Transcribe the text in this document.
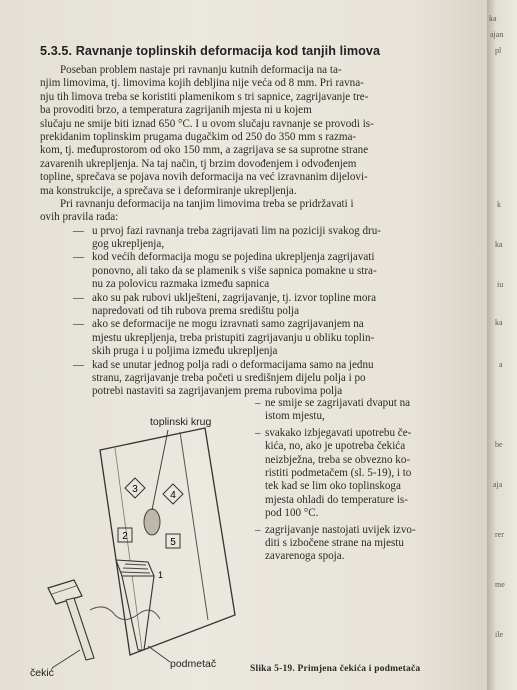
5.3.5. Ravnanje toplinskih deformacija kod tanjih limova
Poseban problem nastaje pri ravnanju kutnih deformacija na ta-
njim limovima, tj. limovima kojih debljina nije veća od 8 mm. Pri ravna-
nju tih limova treba se koristiti plamenikom s tri sapnice, zagrijavanje tre-
ba provoditi brzo, a temperatura zagrijanih mjesta ni u kojem
slučaju ne smije biti iznad 650 °C. I u ovom slučaju ravnanje se provodi is-
prekidanim toplinskim prugama dugačkim od 250 do 350 mm s razma-
kom, tj. međuprostorom od oko 150 mm, a zagrijava se sa suprotne strane
zavarenih ukrepljenja. Na taj način, tj brzim dovođenjem i odvođenjem
topline, sprečava se pojava novih deformacija na već izravnanim dijelovi-
ma konstrukcije, a sprečava se i deformiranje ukrepljenja.
Pri ravnanju deformacija na tanjim limovima treba se pridržavati i
ovih pravila rada:
— u prvoj fazi ravnanja treba zagrijavati lim na poziciji svakog dru-
gog ukrepljenja,
— kod većih deformacija mogu se pojedina ukrepljenja zagrijavati
ponovno, ali tako da se plamenik s više sapnica pomakne u stra-
nu za polovicu razmaka između sapnica
— ako su pak rubovi uklješteni, zagrijavanje, tj. izvor topline mora
napredovati od tih rubova prema središtu polja
— ako se deformacije ne mogu izravnati samo zagrijavanjem na
mjestu ukrepljenja, treba pristupiti zagrijavanju u obliku toplin-
skih pruga i u poljima između ukrepljenja
— kad se unutar jednog polja radi o deformacijama samo na jednu
stranu, zagrijavanje treba početi u središnjem dijelu polja i po
potrebi nastaviti sa zagrijavanjem prema rubovima polja
– ne smije se zagrijavati dvaput na
istom mjestu,
– svakako izbjegavati upotrebu če-
kića, no, ako je upotreba čekića
neizbježna, treba se obvezno ko-
ristiti podmetačem (sl. 5-19), i to
tek kad se lim oko toplinskoga
mjesta ohladi do temperature is-
pod 100 °C.
– zagrijavanje nastojati uvijek izvo-
diti s izbočene strane na mjestu
zavarenoga spoja.
3
4
2
5
1
toplinski krug
čekić
podmetač	Slika 5-19. Primjena čekića i podmetača
ka
ajan
pl
k
ka
iu
ka
a
be
aja
rer
me
ile
